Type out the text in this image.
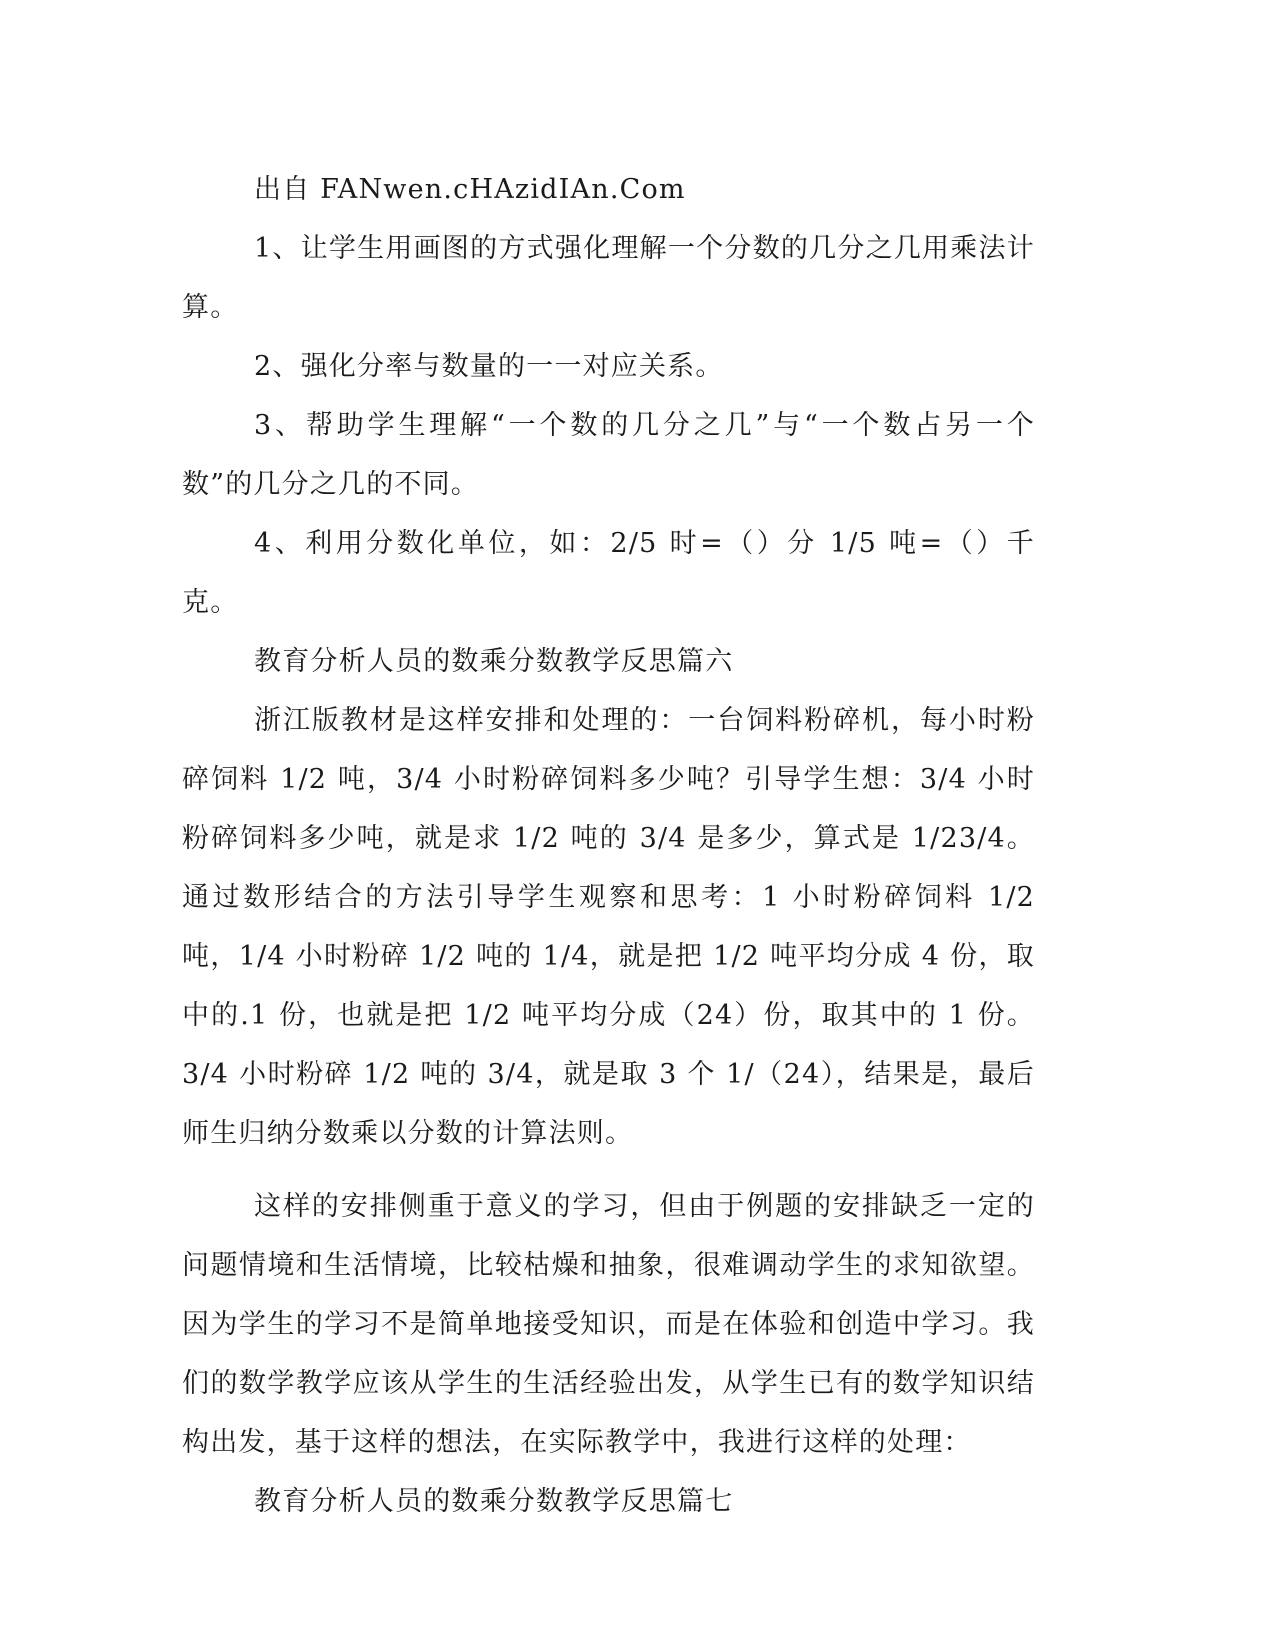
出自 FANwen.cHAzidIAn.Com

1、让学生用画图的方式强化理解一个分数的几分之几用乘法计算。

2、强化分率与数量的一一对应关系。

3、帮助学生理解“一个数的几分之几”与“一个数占另一个数”的几分之几的不同。

4、利用分数化单位，如：2/5 时=（）分 1/5 吨=（）千克。

教育分析人员的数乘分数教学反思篇六

浙江版教材是这样安排和处理的：一台饲料粉碎机，每小时粉碎饲料 1/2 吨，3/4 小时粉碎饲料多少吨？引导学生想：3/4 小时粉碎饲料多少吨，就是求 1/2 吨的 3/4 是多少，算式是 1/23/4。通过数形结合的方法引导学生观察和思考：1 小时粉碎饲料 1/2 吨，1/4 小时粉碎 1/2 吨的 1/4，就是把 1/2 吨平均分成 4 份，取中的.1 份，也就是把 1/2 吨平均分成（24）份，取其中的 1 份。3/4 小时粉碎 1/2 吨的 3/4，就是取 3 个 1/（24），结果是，最后师生归纳分数乘以分数的计算法则。

这样的安排侧重于意义的学习，但由于例题的安排缺乏一定的问题情境和生活情境，比较枯燥和抽象，很难调动学生的求知欲望。因为学生的学习不是简单地接受知识，而是在体验和创造中学习。我们的数学教学应该从学生的生活经验出发，从学生已有的数学知识结构出发，基于这样的想法，在实际教学中，我进行这样的处理：

教育分析人员的数乘分数教学反思篇七
